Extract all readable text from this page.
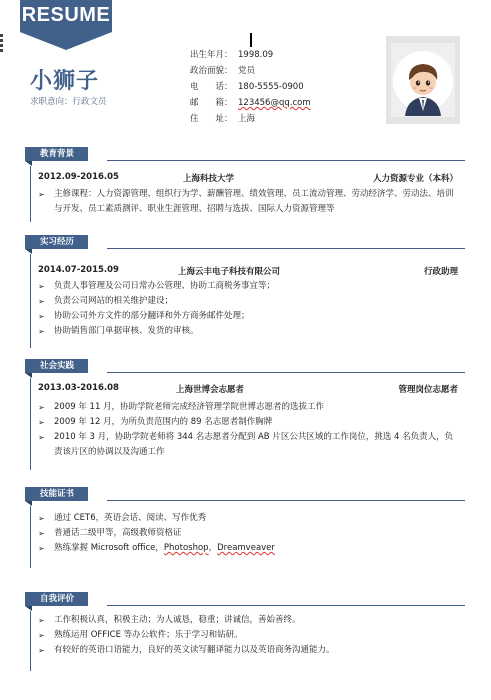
RESUME
小狮子
求职意向：行政文员
出生年月： 1998.09
政治面貌： 党员
电　　话： 180-5555-0900
邮　　箱： 123456@qq.com
住　　址： 上海
教育背景
2012.09-2016.05	上海科技大学	人力资源专业（本科）
➢ 主修课程：人力资源管理、组织行为学、薪酬管理、绩效管理、员工流动管理、劳动经济学、劳动法、培训与开发、员工素质测评、职业生涯管理、招聘与选拔、国际人力资源管理等
实习经历
2014.07-2015.09	上海云丰电子科技有限公司	行政助理
➢ 负责人事管理及公司日常办公管理、协助工商税务事宜等；
➢ 负责公司网站的相关维护建设；
➢ 协助公司外方文件的部分翻译和外方商务邮件处理；
➢ 协助销售部门单据审核、发货的审核。
社会实践
2013.03-2016.08	上海世博会志愿者	管理岗位志愿者
➢ 2009 年 11 月，协助学院老师完成经济管理学院世博志愿者的选拔工作
➢ 2009 年 12 月，为所负责范围内的 89 名志愿者制作胸牌
➢ 2010 年 3 月，协助学院老师将 344 名志愿者分配到 AB 片区公共区域的工作岗位，挑选 4 名负责人，负责该片区的协调以及沟通工作
技能证书
➢ 通过 CET6，英语会话、阅读、写作优秀
➢ 普通话二级甲等，高级教师资格证
➢ 熟练掌握 Microsoft office，Photoshop，Dreamveaver
自我评价
➢ 工作积极认真，积极主动；为人诚恳，稳重；讲诚信，善始善终。
➢ 熟练运用 OFFICE 等办公软件；乐于学习和钻研。
➢ 有较好的英语口语能力，良好的英文读写翻译能力以及英语商务沟通能力。
